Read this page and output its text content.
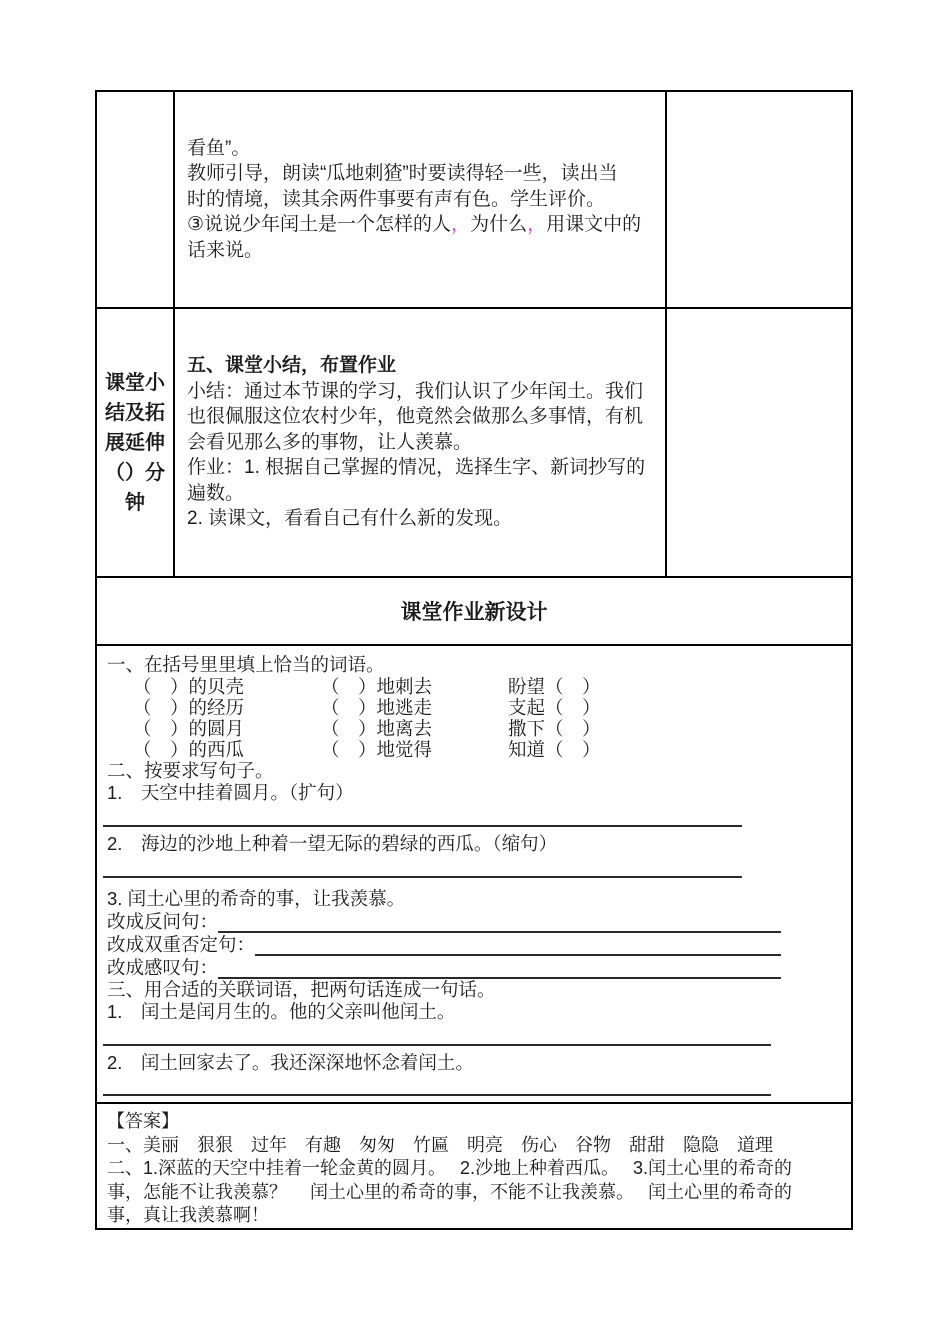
看鱼”。
教师引导，朗读“瓜地刺猹”时要读得轻一些，读出当
时的情境，读其余两件事要有声有色。学生评价。
③说说少年闰土是一个怎样的人，为什么，用课文中的
话来说。
课堂小
结及拓
展延伸
（）分
钟
五、课堂小结，布置作业
小结：通过本节课的学习，我们认识了少年闰土。我们
也很佩服这位农村少年，他竟然会做那么多事情，有机
会看见那么多的事物，让人羡慕。
作业：1. 根据自己掌握的情况，选择生字、新词抄写的
遍数。
2. 读课文，看看自己有什么新的发现。
课堂作业新设计
一、在括号里里填上恰当的词语。
（　）的贝壳	（　）地刺去	盼望（　）
（　）的经历	（　）地逃走	支起（　）
（　）的圆月	（　）地离去	撒下（　）
（　）的西瓜	（　）地觉得	知道（　）
二、按要求写句子。
1.　天空中挂着圆月。（扩句）
2.　海边的沙地上种着一望无际的碧绿的西瓜。（缩句）
3. 闰土心里的希奇的事，让我羡慕。
改成反问句：
改成双重否定句：
改成感叹句：
三、用合适的关联词语，把两句话连成一句话。
1.　闰土是闰月生的。他的父亲叫他闰土。
2.　闰土回家去了。我还深深地怀念着闰土。
【答案】
一、美丽　狠狠　过年　有趣　匆匆　竹匾　明亮　伤心　谷物　甜甜　隐隐　道理
二、1.深蓝的天空中挂着一轮金黄的圆月。　 2.沙地上种着西瓜。　 3.闰土心里的希奇的
事，怎能不让我羡慕？　 闰土心里的希奇的事，不能不让我羡慕。　 闰土心里的希奇的
事，真让我羡慕啊！
